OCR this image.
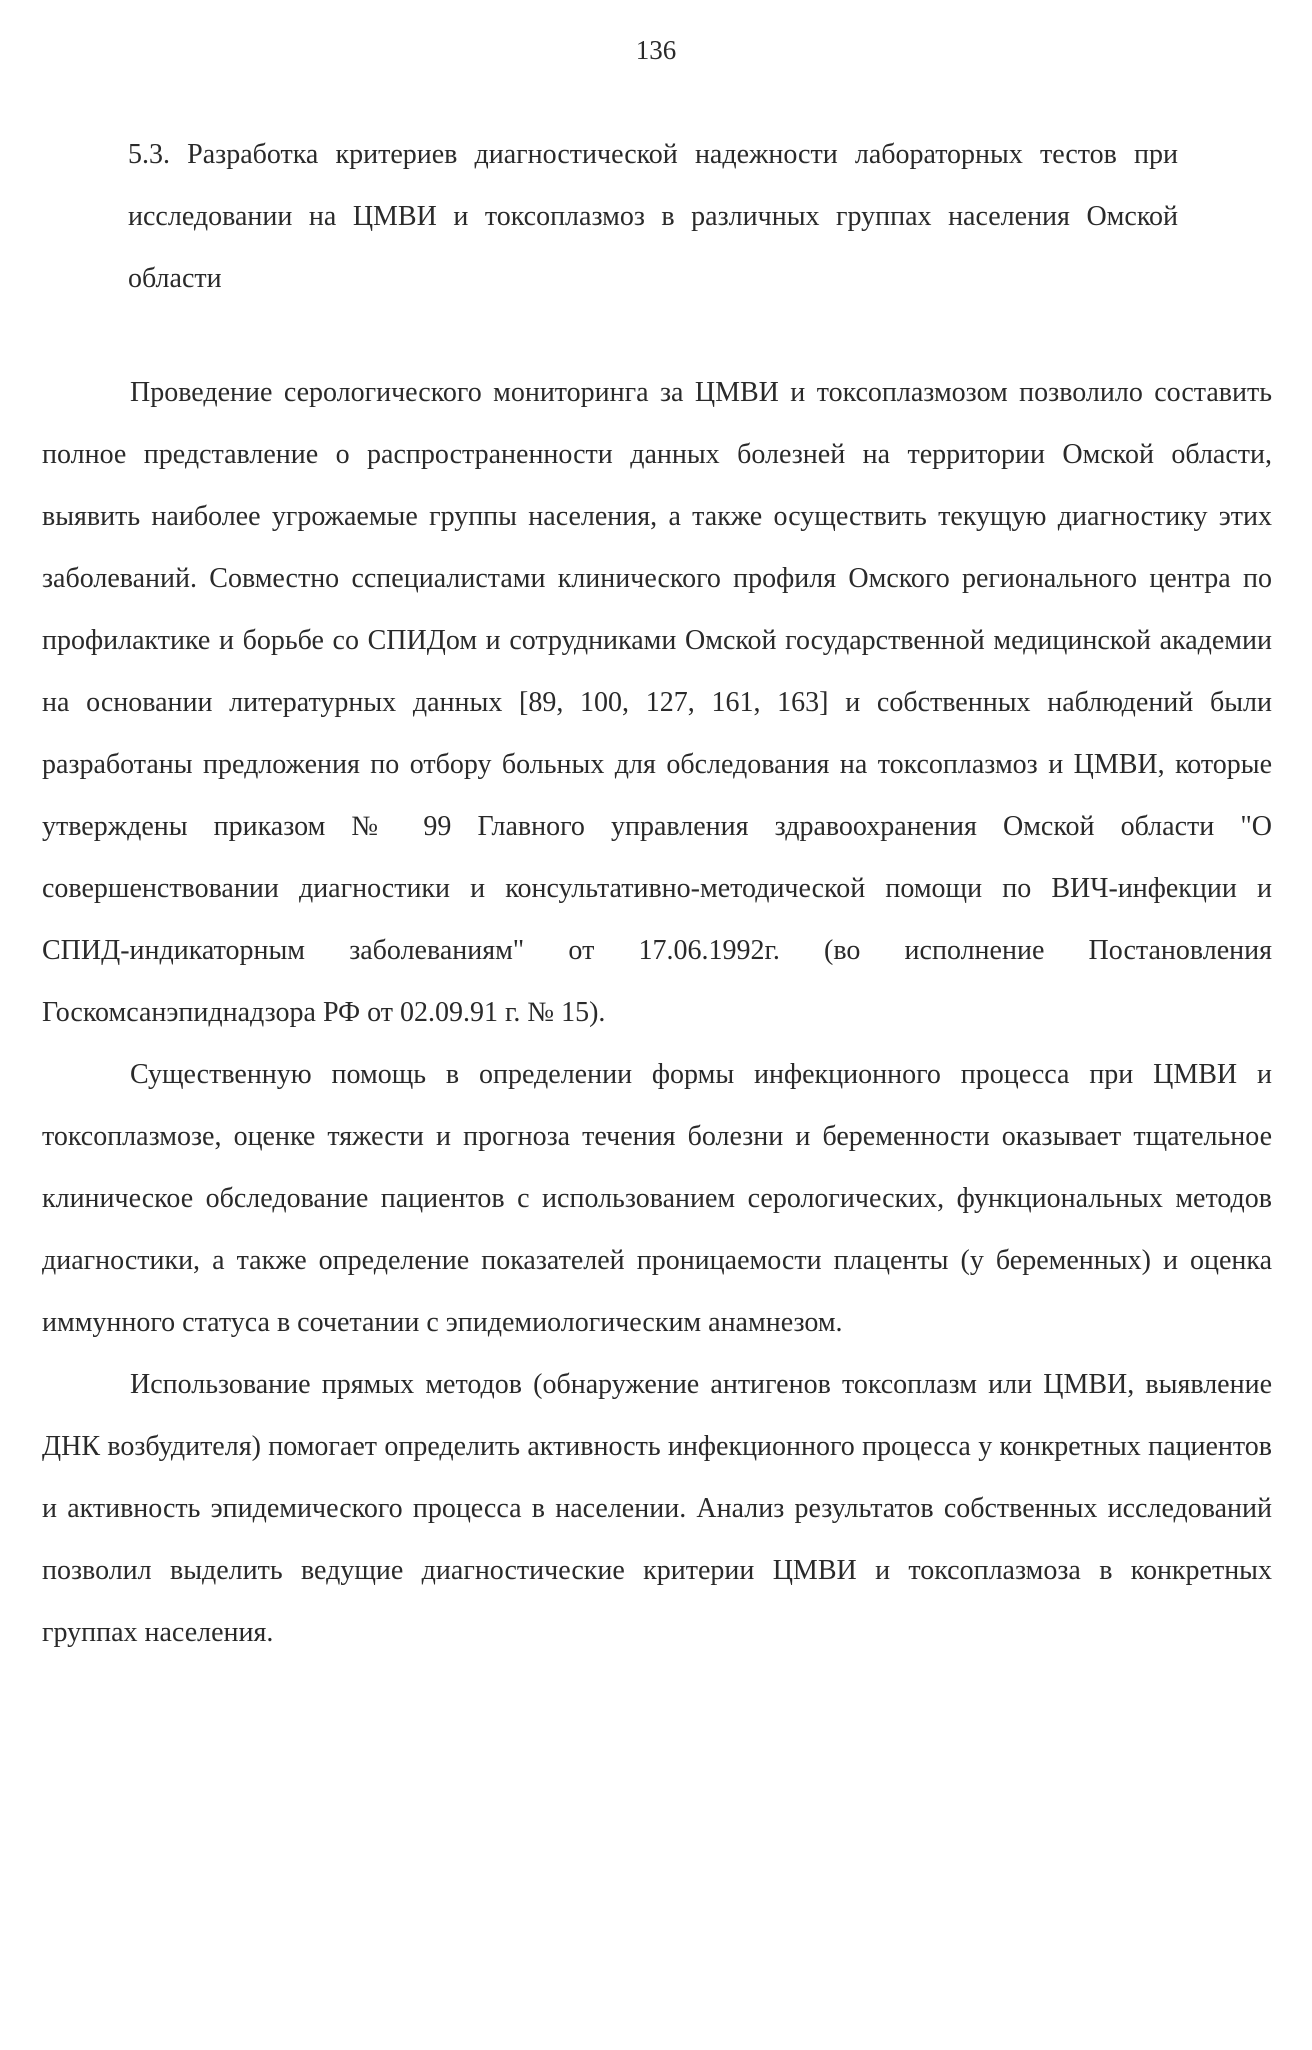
136
5.3. Разработка критериев диагностической надежности лабораторных тестов при исследовании на ЦМВИ и токсоплазмоз в различных группах населения Омской области

Проведение серологического мониторинга за ЦМВИ и токсоплазмозом позволило составить полное представление о распространенности данных болезней на территории Омской области, выявить наиболее угрожаемые группы населения, а также осуществить текущую диагностику этих заболеваний. Совместно сспециалистами клинического профиля Омского регионального центра по профилактике и борьбе со СПИДом и сотрудниками Омской государственной медицинской академии на основании литературных данных [89, 100, 127, 161, 163] и собственных наблюдений были разработаны предложения по отбору больных для обследования на токсоплазмоз и ЦМВИ, которые утверждены приказом № 99 Главного управления здравоохранения Омской области "О совершенствовании диагностики и консультативно-методической помощи по ВИЧ-инфекции и СПИД-индикаторным заболеваниям" от 17.06.1992г. (во исполнение Постановления Госкомсанэпиднадзора РФ от 02.09.91 г. № 15).

Существенную помощь в определении формы инфекционного процесса при ЦМВИ и токсоплазмозе, оценке тяжести и прогноза течения болезни и беременности оказывает тщательное клиническое обследование пациентов с использованием серологических, функциональных методов диагностики, а также определение показателей проницаемости плаценты (у беременных) и оценка иммунного статуса в сочетании с эпидемиологическим анамнезом.

Использование прямых методов (обнаружение антигенов токсоплазм или ЦМВИ, выявление ДНК возбудителя) помогает определить активность инфекционного процесса у конкретных пациентов и активность эпидемического процесса в населении. Анализ результатов собственных исследований позволил выделить ведущие диагностические критерии ЦМВИ и токсоплазмоза в конкретных группах населения.
